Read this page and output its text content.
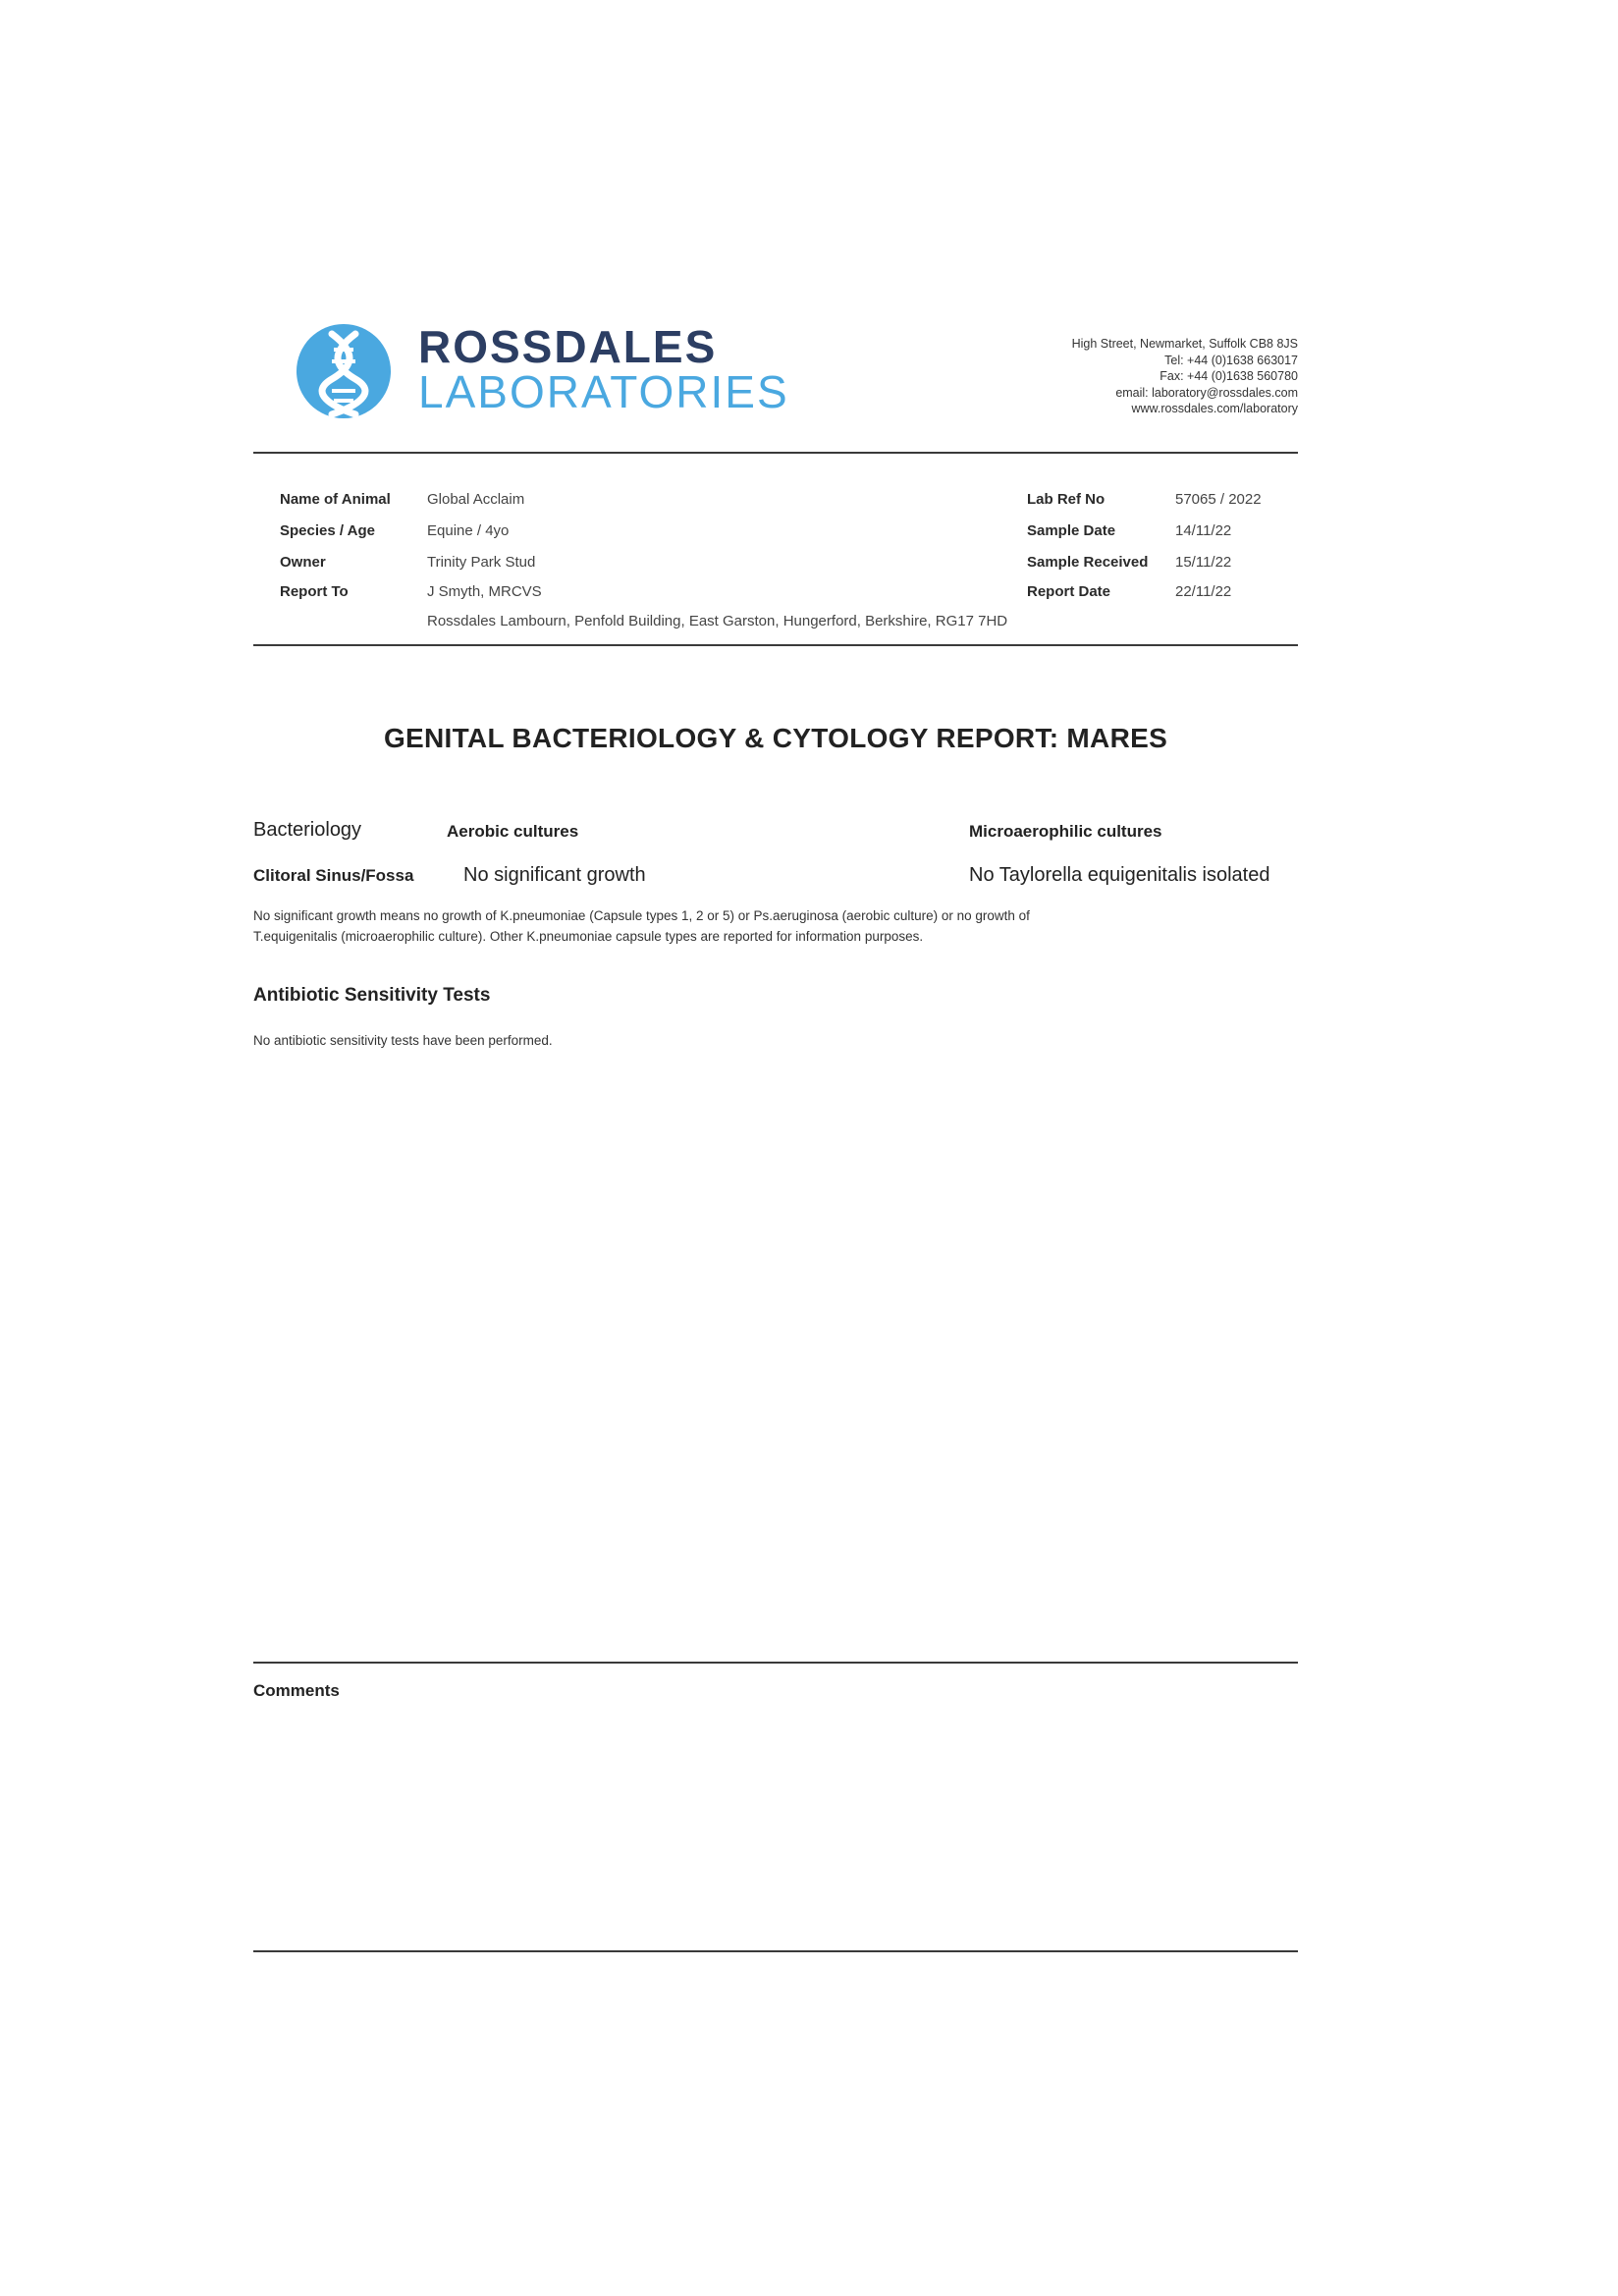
ROSSDALES
LABORATORIES
High Street, Newmarket, Suffolk CB8 8JS
Tel: +44 (0)1638 663017
Fax: +44 (0)1638 560780
email: laboratory@rossdales.com
www.rossdales.com/laboratory
Name of Animal Global Acclaim
Species / Age	Equine / 4yo
Owner	Trinity Park Stud
Report To	J Smyth, MRCVS
Rossdales Lambourn, Penfold Building, East Garston, Hungerford, Berkshire, RG17 7HD
Lab Ref No	57065 / 2022
Sample Date	14/11/22
Sample Received 15/11/22
Report Date	22/11/22
GENITAL BACTERIOLOGY & CYTOLOGY REPORT: MARES
Bacteriology	Aerobic cultures	Microaerophilic cultures
Clitoral Sinus/Fossa	No significant growth	No Taylorella equigenitalis isolated
No significant growth means no growth of K.pneumoniae (Capsule types 1, 2 or 5) or Ps.aeruginosa (aerobic culture) or no growth of
T.equigenitalis (microaerophilic culture). Other K.pneumoniae capsule types are reported for information purposes.
Antibiotic Sensitivity Tests
No antibiotic sensitivity tests have been performed.
Comments
